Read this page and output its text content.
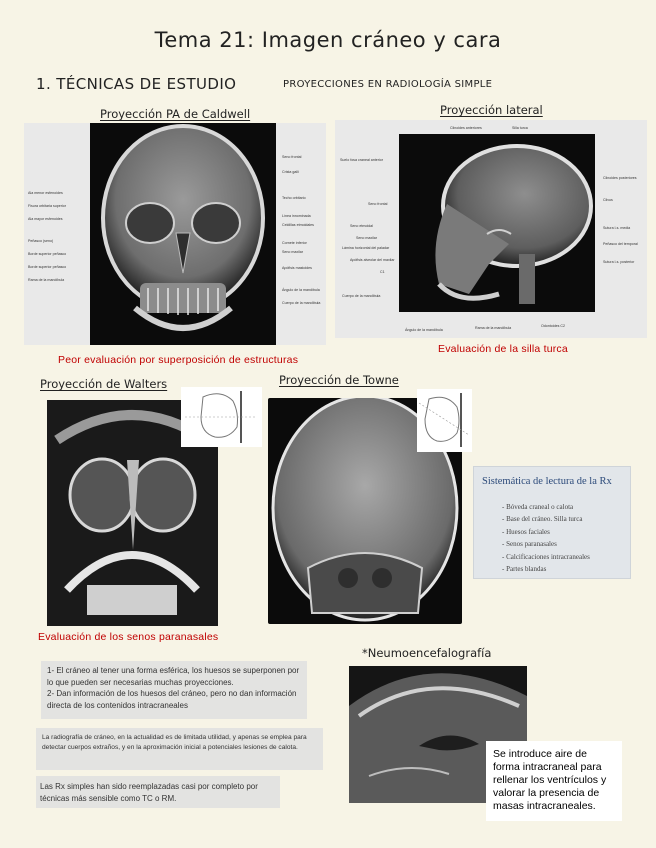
Tema 21: Imagen cráneo y cara
1. TÉCNICAS DE ESTUDIO	PROYECCIONES EN RADIOLOGÍA SIMPLE
Proyección PA de Caldwell
Ala menor esfenoides
Fisura orbitaria superior
Ala mayor esfenoides
Peñasco (seno)
Borde superior peñasco
Borde superior peñasco
Rama de la mandíbula
Seno frontal
Crista galli
Techo orbitario
Línea innominada
Celdillas etmoidales
Cornete inferior
Seno maxilar
Apófisis mastoides
Ángulo de la mandíbula
Cuerpo de la mandíbula
Peor evaluación por superposición de estructuras
Proyección lateral
Clinoides anteriores	Silla turca
Suelo fosa craneal anterior
Seno frontal
Seno etmoidal
Seno maxilar
Lámina horizontal del paladar
Apófisis alveolar del maxilar
C1
Cuerpo de la mandíbula
Clinoides posteriores
Clivus
Sutura l-s. media
Peñasco del temporal
Sutura l-s. posterior
Ángulo de la mandíbula	Rama de la mandíbula	Odontoides C2
Evaluación de la silla turca
Proyección de Walters
Evaluación de los senos paranasales
Proyección de Towne
Sistemática de lectura de la Rx
- Bóveda craneal o calota
- Base del cráneo. Silla turca
- Huesos faciales
- Senos paranasales
- Calcificaciones intracraneales
- Partes blandas
1- El cráneo al tener una forma esférica, los huesos se superponen por lo que pueden ser necesarias muchas proyecciones.
2- Dan información de los huesos del cráneo, pero no dan información directa de los contenidos intracraneales
La radiografía de cráneo, en la actualidad es de limitada utilidad, y apenas se emplea para detectar cuerpos extraños, y en la aproximación inicial a potenciales lesiones de calota.
Las Rx simples han sido reemplazadas casi por completo por técnicas más sensible como TC o RM.
*Neumoencefalografía
Se introduce aire de forma intracraneal para rellenar los ventrículos y valorar la presencia de masas intracraneales.
